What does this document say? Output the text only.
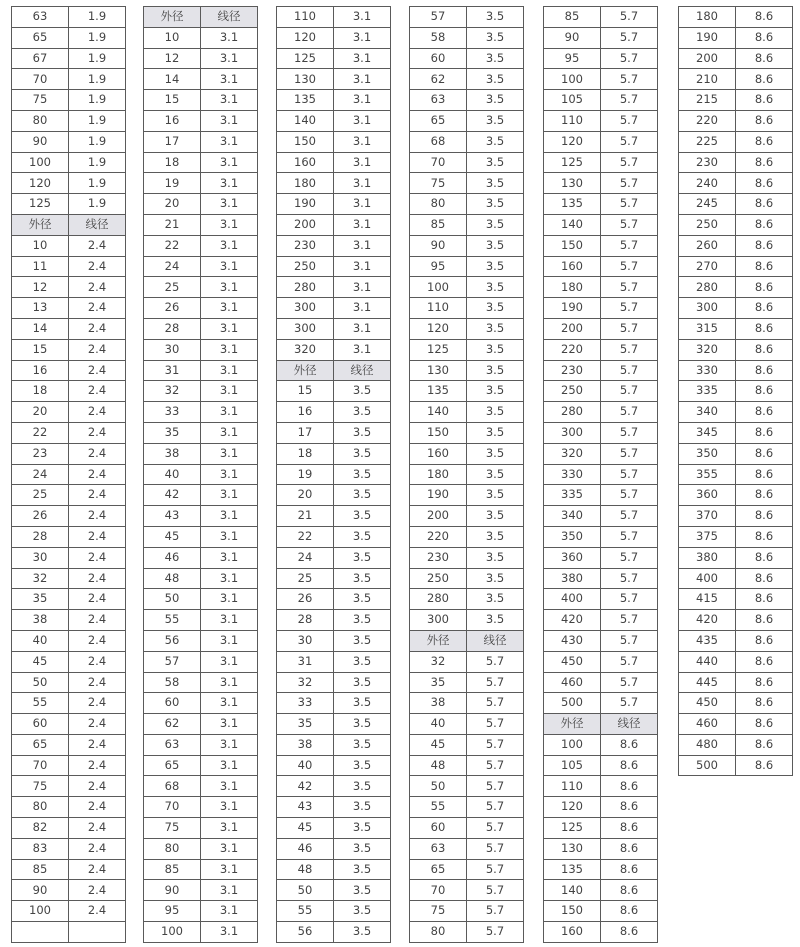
63	1.9
65	1.9
67	1.9
70	1.9
75	1.9
80	1.9
90	1.9
100	1.9
120	1.9
125	1.9
外径	线径
10	2.4
11	2.4
12	2.4
13	2.4
14	2.4
15	2.4
16	2.4
18	2.4
20	2.4
22	2.4
23	2.4
24	2.4
25	2.4
26	2.4
28	2.4
30	2.4
32	2.4
35	2.4
38	2.4
40	2.4
45	2.4
50	2.4
55	2.4
60	2.4
65	2.4
70	2.4
75	2.4
80	2.4
82	2.4
83	2.4
85	2.4
90	2.4
100	2.4
外径	线径
10	3.1
12	3.1
14	3.1
15	3.1
16	3.1
17	3.1
18	3.1
19	3.1
20	3.1
21	3.1
22	3.1
24	3.1
25	3.1
26	3.1
28	3.1
30	3.1
31	3.1
32	3.1
33	3.1
35	3.1
38	3.1
40	3.1
42	3.1
43	3.1
45	3.1
46	3.1
48	3.1
50	3.1
55	3.1
56	3.1
57	3.1
58	3.1
60	3.1
62	3.1
63	3.1
65	3.1
68	3.1
70	3.1
75	3.1
80	3.1
85	3.1
90	3.1
95	3.1
100	3.1
110	3.1
120	3.1
125	3.1
130	3.1
135	3.1
140	3.1
150	3.1
160	3.1
180	3.1
190	3.1
200	3.1
230	3.1
250	3.1
280	3.1
300	3.1
300	3.1
320	3.1
外径	线径
15	3.5
16	3.5
17	3.5
18	3.5
19	3.5
20	3.5
21	3.5
22	3.5
24	3.5
25	3.5
26	3.5
28	3.5
30	3.5
31	3.5
32	3.5
33	3.5
35	3.5
38	3.5
40	3.5
42	3.5
43	3.5
45	3.5
46	3.5
48	3.5
50	3.5
55	3.5
56	3.5
57	3.5
58	3.5
60	3.5
62	3.5
63	3.5
65	3.5
68	3.5
70	3.5
75	3.5
80	3.5
85	3.5
90	3.5
95	3.5
100	3.5
110	3.5
120	3.5
125	3.5
130	3.5
135	3.5
140	3.5
150	3.5
160	3.5
180	3.5
190	3.5
200	3.5
220	3.5
230	3.5
250	3.5
280	3.5
300	3.5
外径	线径
32	5.7
35	5.7
38	5.7
40	5.7
45	5.7
48	5.7
50	5.7
55	5.7
60	5.7
63	5.7
65	5.7
70	5.7
75	5.7
80	5.7
85	5.7
90	5.7
95	5.7
100	5.7
105	5.7
110	5.7
120	5.7
125	5.7
130	5.7
135	5.7
140	5.7
150	5.7
160	5.7
180	5.7
190	5.7
200	5.7
220	5.7
230	5.7
250	5.7
280	5.7
300	5.7
320	5.7
330	5.7
335	5.7
340	5.7
350	5.7
360	5.7
380	5.7
400	5.7
420	5.7
430	5.7
450	5.7
460	5.7
500	5.7
外径	线径
100	8.6
105	8.6
110	8.6
120	8.6
125	8.6
130	8.6
135	8.6
140	8.6
150	8.6
160	8.6
180	8.6
190	8.6
200	8.6
210	8.6
215	8.6
220	8.6
225	8.6
230	8.6
240	8.6
245	8.6
250	8.6
260	8.6
270	8.6
280	8.6
300	8.6
315	8.6
320	8.6
330	8.6
335	8.6
340	8.6
345	8.6
350	8.6
355	8.6
360	8.6
370	8.6
375	8.6
380	8.6
400	8.6
415	8.6
420	8.6
435	8.6
440	8.6
445	8.6
450	8.6
460	8.6
480	8.6
500	8.6
